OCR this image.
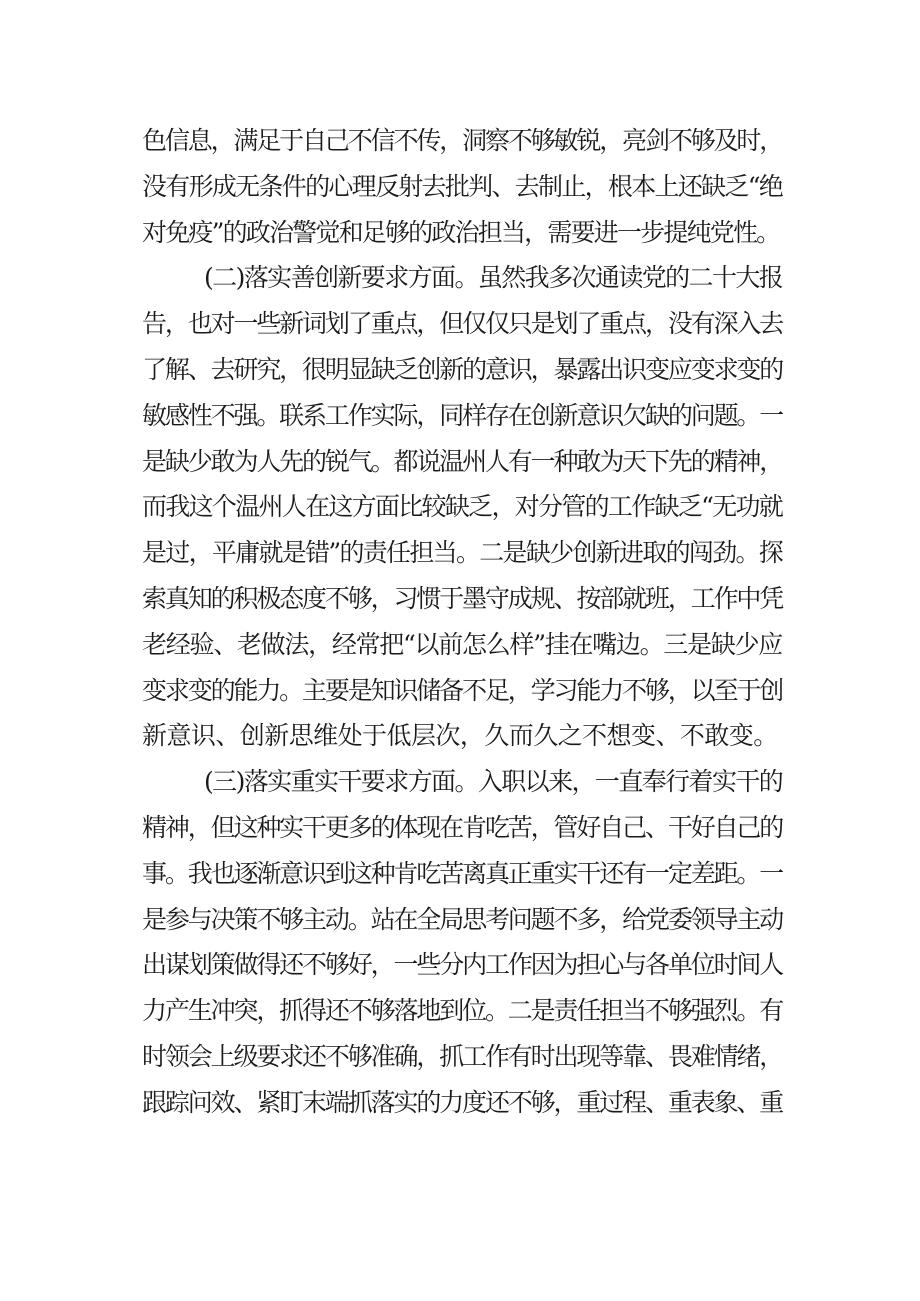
色信息，满足于自己不信不传，洞察不够敏锐，亮剑不够及时，
没有形成无条件的心理反射去批判、去制止，根本上还缺乏“绝
对免疫”的政治警觉和足够的政治担当，需要进一步提纯党性。
(二)落实善创新要求方面。虽然我多次通读党的二十大报
告，也对一些新词划了重点，但仅仅只是划了重点，没有深入去
了解、去研究，很明显缺乏创新的意识，暴露出识变应变求变的
敏感性不强。联系工作实际，同样存在创新意识欠缺的问题。一
是缺少敢为人先的锐气。都说温州人有一种敢为天下先的精神，
而我这个温州人在这方面比较缺乏，对分管的工作缺乏“无功就
是过，平庸就是错”的责任担当。二是缺少创新进取的闯劲。探
索真知的积极态度不够，习惯于墨守成规、按部就班，工作中凭
老经验、老做法，经常把“以前怎么样”挂在嘴边。三是缺少应
变求变的能力。主要是知识储备不足，学习能力不够，以至于创
新意识、创新思维处于低层次，久而久之不想变、不敢变。
(三)落实重实干要求方面。入职以来，一直奉行着实干的
精神，但这种实干更多的体现在肯吃苦，管好自己、干好自己的
事。我也逐渐意识到这种肯吃苦离真正重实干还有一定差距。一
是参与决策不够主动。站在全局思考问题不多，给党委领导主动
出谋划策做得还不够好，一些分内工作因为担心与各单位时间人
力产生冲突，抓得还不够落地到位。二是责任担当不够强烈。有
时领会上级要求还不够准确，抓工作有时出现等靠、畏难情绪，
跟踪问效、紧盯末端抓落实的力度还不够，重过程、重表象、重
